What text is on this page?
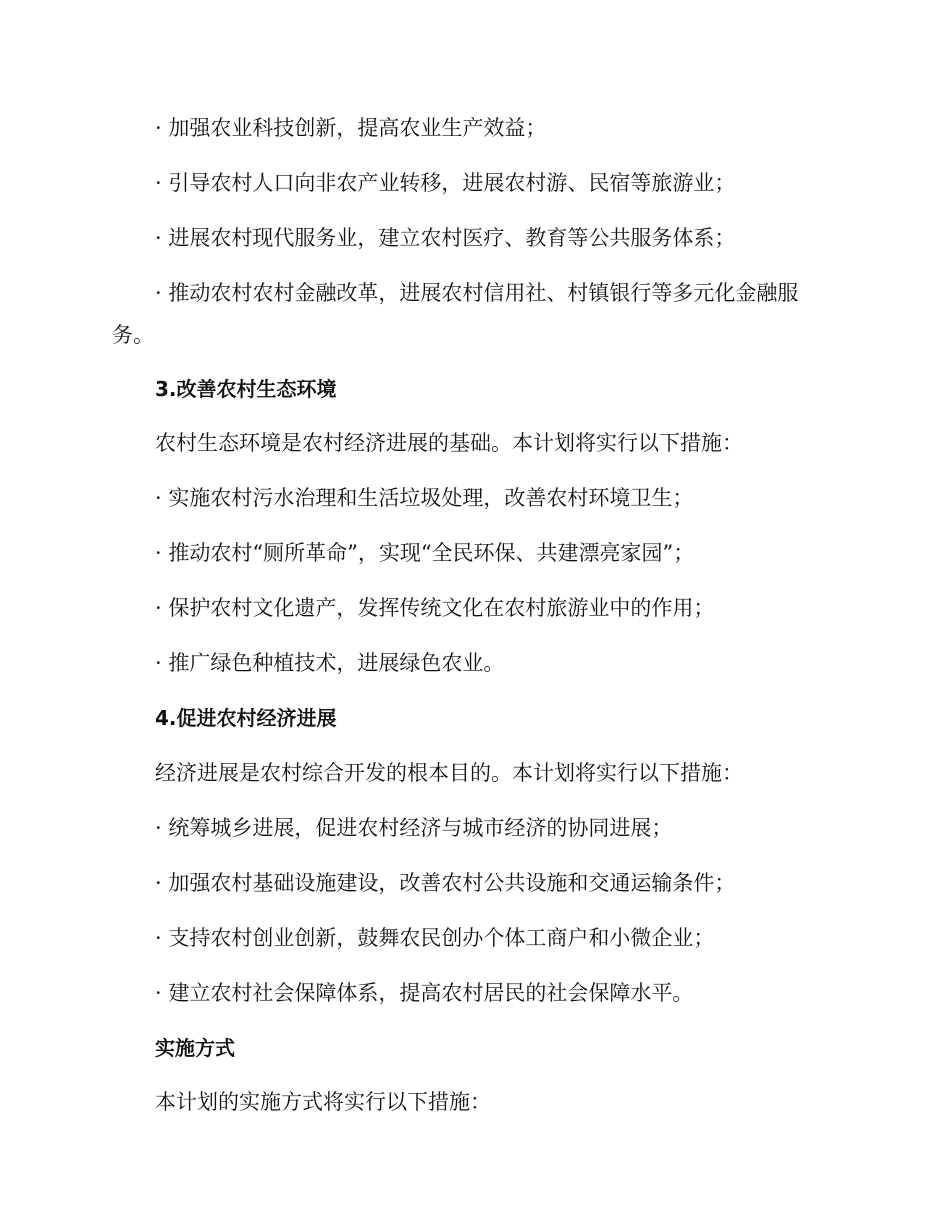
· 加强农业科技创新，提高农业生产效益；
· 引导农村人口向非农产业转移，进展农村游、民宿等旅游业；
· 进展农村现代服务业，建立农村医疗、教育等公共服务体系；
· 推动农村农村金融改革，进展农村信用社、村镇银行等多元化金融服务。
3.改善农村生态环境
农村生态环境是农村经济进展的基础。本计划将实行以下措施：
· 实施农村污水治理和生活垃圾处理，改善农村环境卫生；
· 推动农村“厕所革命”，实现“全民环保、共建漂亮家园”；
· 保护农村文化遗产，发挥传统文化在农村旅游业中的作用；
· 推广绿色种植技术，进展绿色农业。
4.促进农村经济进展
经济进展是农村综合开发的根本目的。本计划将实行以下措施：
· 统筹城乡进展，促进农村经济与城市经济的协同进展；
· 加强农村基础设施建设，改善农村公共设施和交通运输条件；
· 支持农村创业创新，鼓舞农民创办个体工商户和小微企业；
· 建立农村社会保障体系，提高农村居民的社会保障水平。
实施方式
本计划的实施方式将实行以下措施：
